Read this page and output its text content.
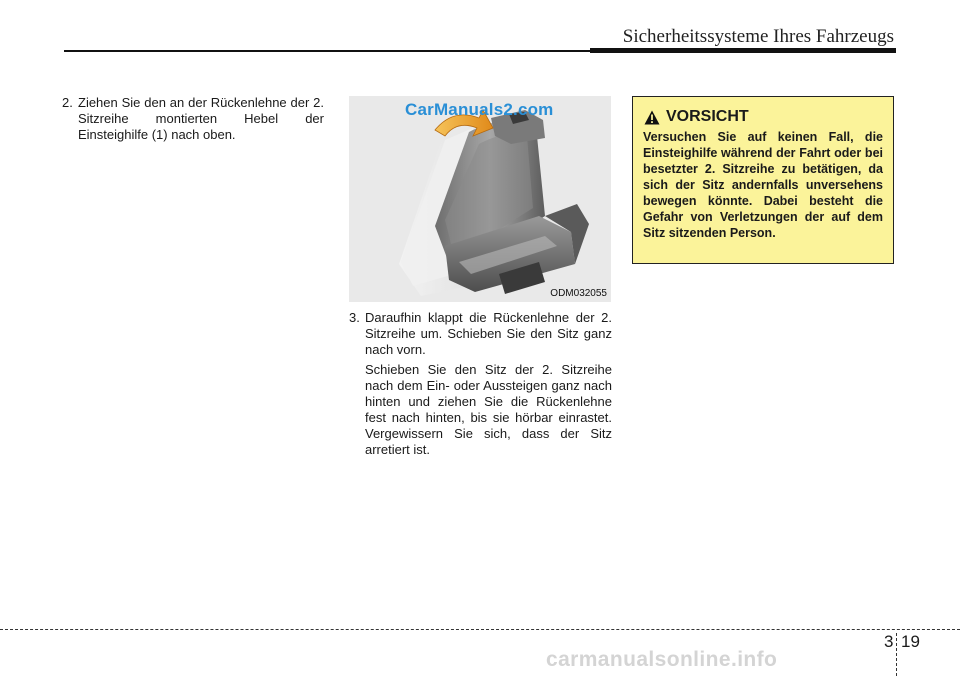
Sicherheitssysteme Ihres Fahrzeugs
2. Ziehen Sie den an der Rückenlehne der 2. Sitzreihe montierten Hebel der Einsteighilfe (1) nach oben.
CarManuals2.com
ODM032055
3. Daraufhin klappt die Rückenlehne der 2. Sitzreihe um. Schieben Sie den Sitz ganz nach vorn.
Schieben Sie den Sitz der 2. Sitzreihe nach dem Ein- oder Aussteigen ganz nach hinten und ziehen Sie die Rückenlehne fest nach hinten, bis sie hörbar einrastet. Vergewissern Sie sich, dass der Sitz arretiert ist.
VORSICHT
Versuchen Sie auf keinen Fall, die Einsteighilfe während der Fahrt oder bei besetzter 2. Sitzreihe zu betätigen, da sich der Sitz andernfalls unversehens bewegen könnte. Dabei besteht die Gefahr von Verletzungen der auf dem Sitz sitzenden Person.
3 19
carmanualsonline.info
